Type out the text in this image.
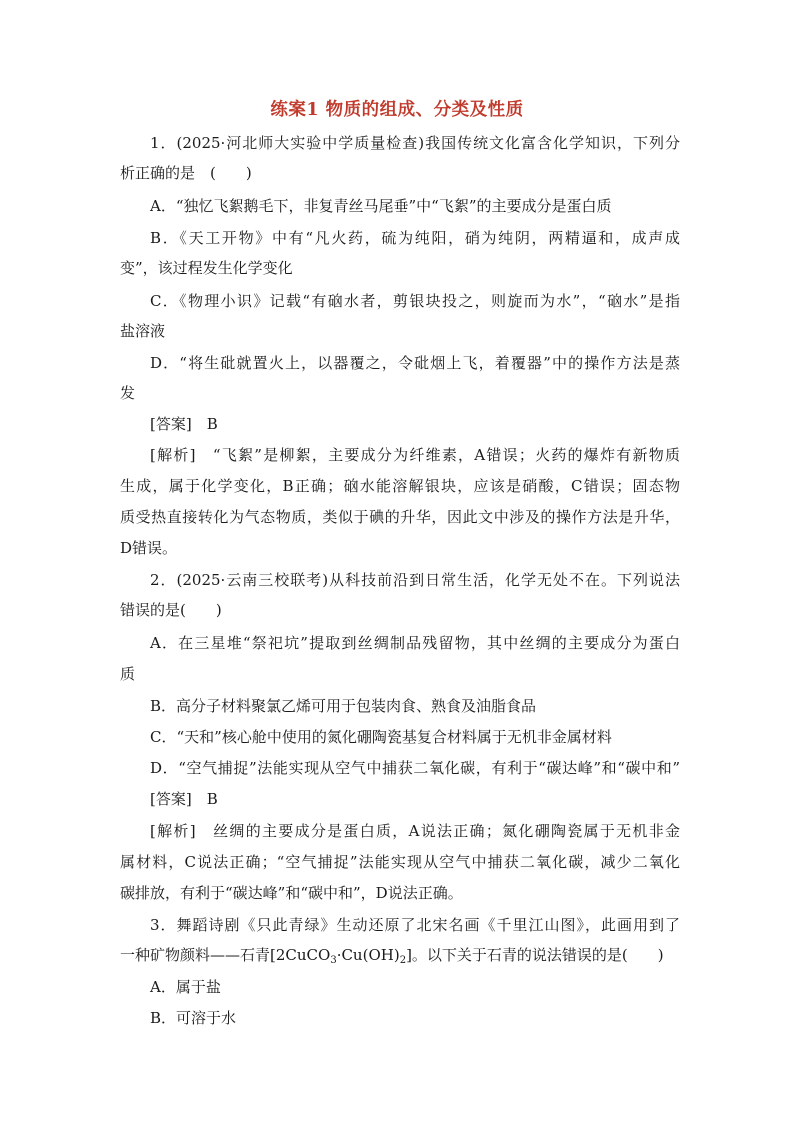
练案1 物质的组成、分类及性质
1．(2025·河北师大实验中学质量检查)我国传统文化富含化学知识，下列分
析正确的是　(　　)
A．“独忆飞絮鹅毛下，非复青丝马尾垂”中“飞絮”的主要成分是蛋白质
B．《天工开物》中有“凡火药，硫为纯阳，硝为纯阴，两精逼和，成声成
变”，该过程发生化学变化
C．《物理小识》记载“有硇水者，剪银块投之，则旋而为水”，“硇水”是指
盐溶液
D．“将生砒就置火上，以器覆之，令砒烟上飞，着覆器”中的操作方法是蒸
发
[答案]　B
[解析]　“飞絮”是柳絮，主要成分为纤维素，A错误；火药的爆炸有新物质
生成，属于化学变化，B正确；硇水能溶解银块，应该是硝酸，C错误；固态物
质受热直接转化为气态物质，类似于碘的升华，因此文中涉及的操作方法是升华，
D错误。
2．(2025·云南三校联考)从科技前沿到日常生活，化学无处不在。下列说法
错误的是(　　)
A．在三星堆“祭祀坑”提取到丝绸制品残留物，其中丝绸的主要成分为蛋白
质
B．高分子材料聚氯乙烯可用于包装肉食、熟食及油脂食品
C．“天和”核心舱中使用的氮化硼陶瓷基复合材料属于无机非金属材料
D．“空气捕捉”法能实现从空气中捕获二氧化碳，有利于“碳达峰”和“碳中和”
[答案]　B
[解析]　丝绸的主要成分是蛋白质，A说法正确；氮化硼陶瓷属于无机非金
属材料，C说法正确；“空气捕捉”法能实现从空气中捕获二氧化碳，减少二氧化
碳排放，有利于“碳达峰”和“碳中和”，D说法正确。
3．舞蹈诗剧《只此青绿》生动还原了北宋名画《千里江山图》，此画用到了
一种矿物颜料——石青$[2CuCO_3\cdot Cu(OH)_2]$。以下关于石青的说法错误的是(　　)
A．属于盐
B．可溶于水
